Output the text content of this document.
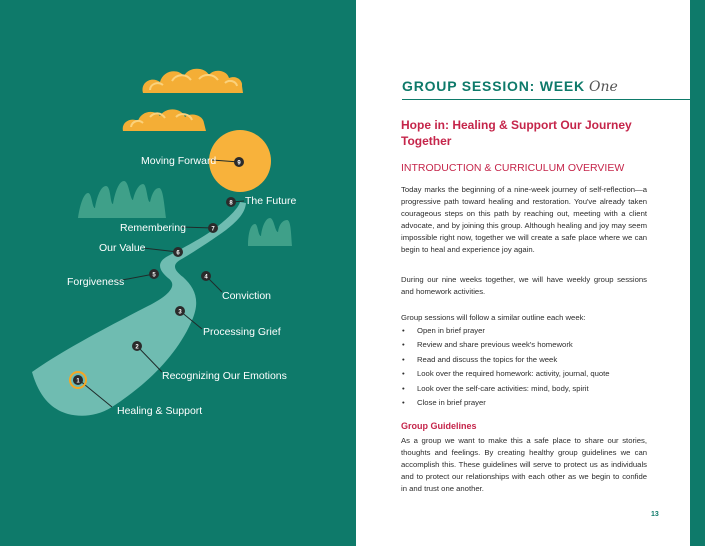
1
2
3
4
5
6
7
8
9
Healing & Support
Recognizing Our Emotions
Processing Grief
Conviction
Forgiveness
Our Value
Remembering
The Future
Moving Forward
GROUP SESSION: WEEK One
Hope in: Healing & Support Our Journey Together
INTRODUCTION & CURRICULUM OVERVIEW

Today marks the beginning of a nine-week journey of self-reflection—a progressive path toward healing and restoration. You've already taken courageous steps on this path by reaching out, meeting with a client advocate, and by joining this group. Although healing and joy may seem impossible right now, together we will create a safe place where we can begin to heal and experience joy again.

During our nine weeks together, we will have weekly group sessions and homework activities.

Group sessions will follow a similar outline each week:

• Open in brief prayer
• Review and share previous week's homework
• Read and discuss the topics for the week
• Look over the required homework: activity, journal, quote
• Look over the self-care activities: mind, body, spirit
• Close in brief prayer
Group Guidelines

As a group we want to make this a safe place to share our stories, thoughts and feelings. By creating healthy group guidelines we can accomplish this. These guidelines will serve to protect us as individuals and to protect our relationships with each other as we begin to confide in and trust one another.

13
